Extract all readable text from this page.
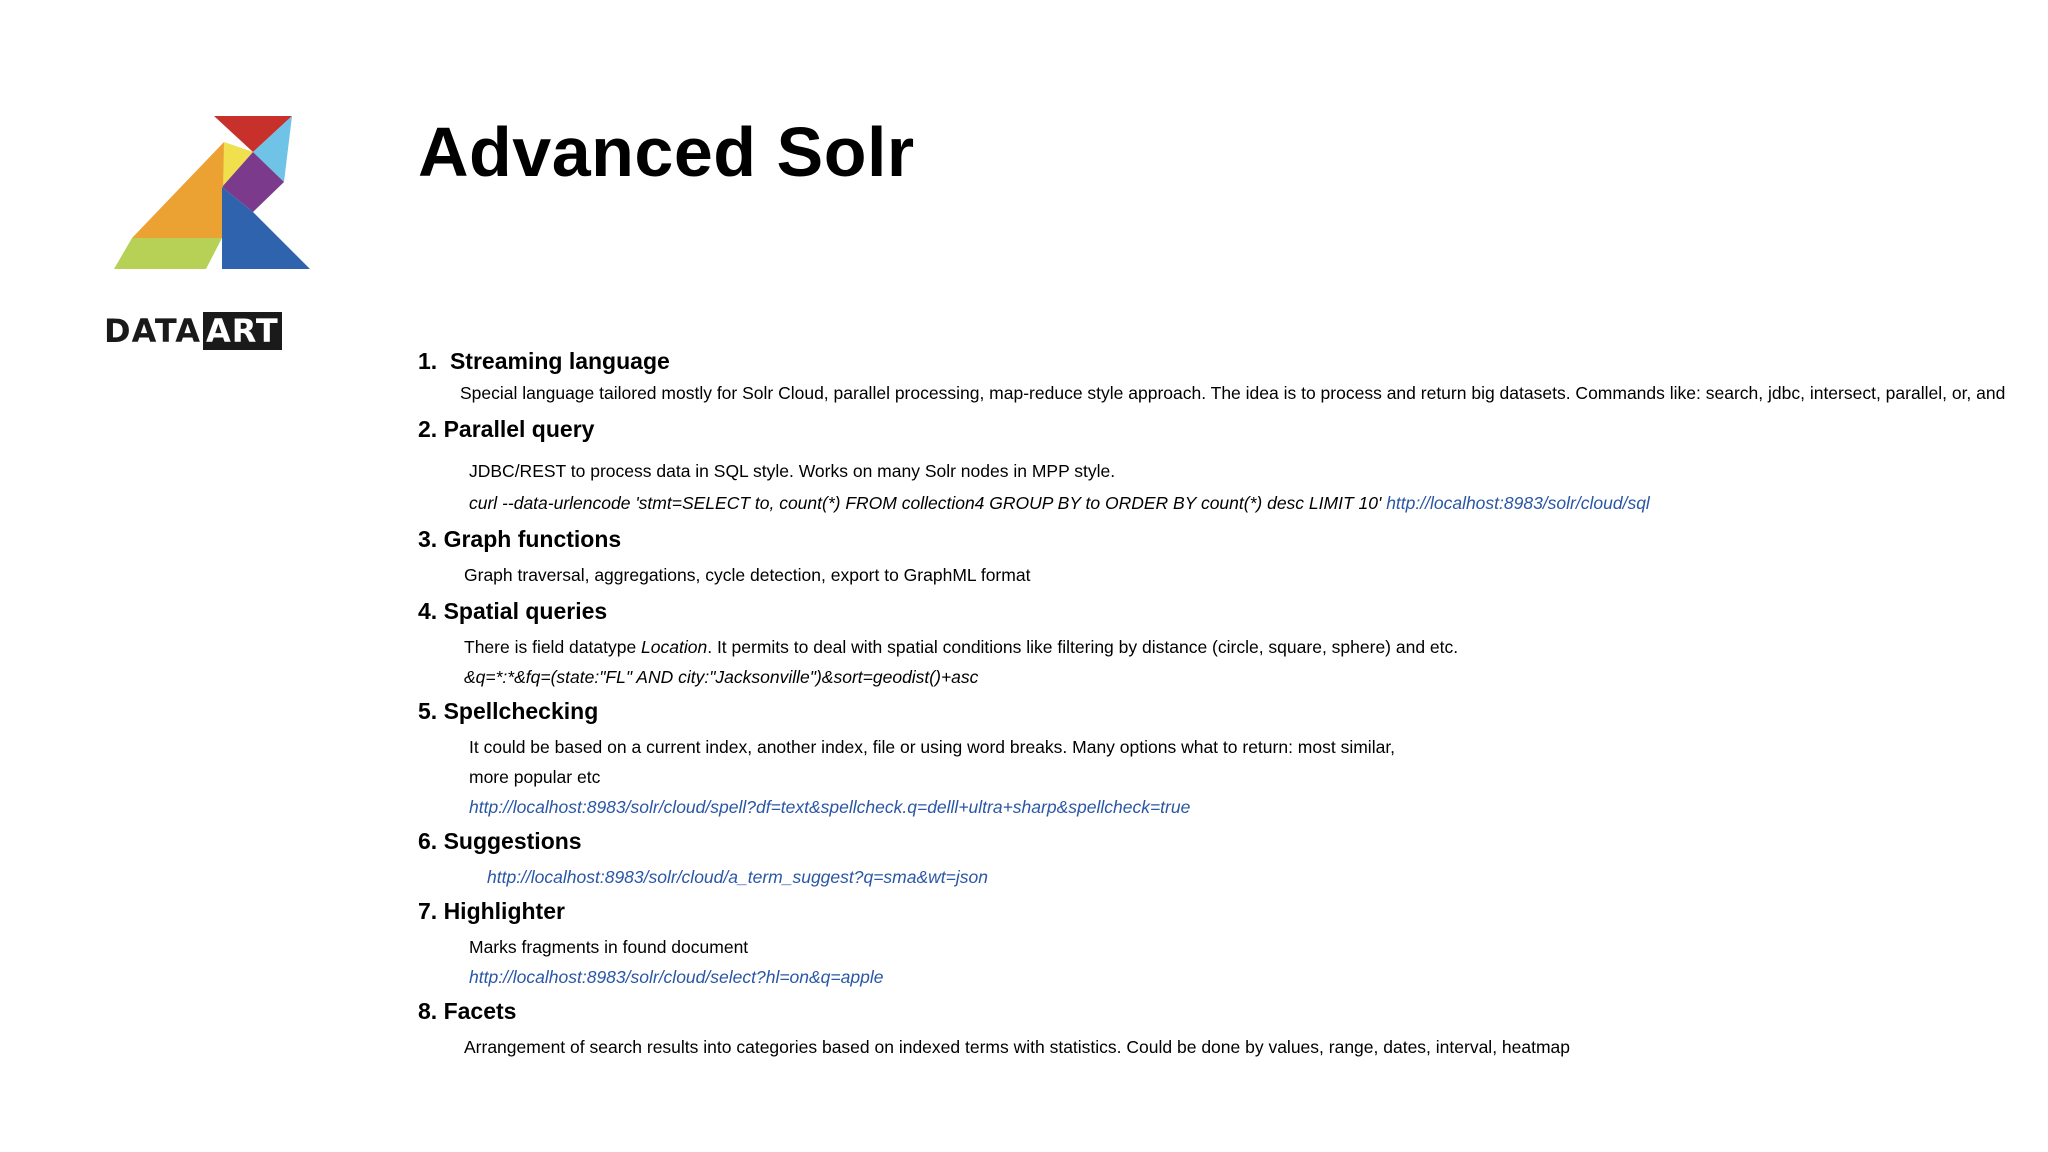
DATA ART
Advanced Solr
1.  Streaming language
Special language tailored mostly for Solr Cloud, parallel processing, map-reduce style approach. The idea is to process and return big datasets. Commands like: search, jdbc, intersect, parallel, or, and
2. Parallel query
JDBC/REST to process data in SQL style. Works on many Solr nodes in MPP style.
curl --data-urlencode 'stmt=SELECT to, count(*) FROM collection4 GROUP BY to ORDER BY count(*) desc LIMIT 10' http://localhost:8983/solr/cloud/sql
3. Graph functions
Graph traversal, aggregations, cycle detection, export to GraphML format
4. Spatial queries
There is field datatype Location. It permits to deal with spatial conditions like filtering by distance (circle, square, sphere) and etc.
&q=*:*&fq=(state:"FL" AND city:"Jacksonville")&sort=geodist()+asc
5. Spellchecking
It could be based on a current index, another index, file or using word breaks. Many options what to return: most similar,
more popular etc
http://localhost:8983/solr/cloud/spell?df=text&spellcheck.q=delll+ultra+sharp&spellcheck=true
6. Suggestions
http://localhost:8983/solr/cloud/a_term_suggest?q=sma&wt=json
7. Highlighter
Marks fragments in found document
http://localhost:8983/solr/cloud/select?hl=on&q=apple
8. Facets
Arrangement of search results into categories based on indexed terms with statistics. Could be done by values, range, dates, interval, heatmap
